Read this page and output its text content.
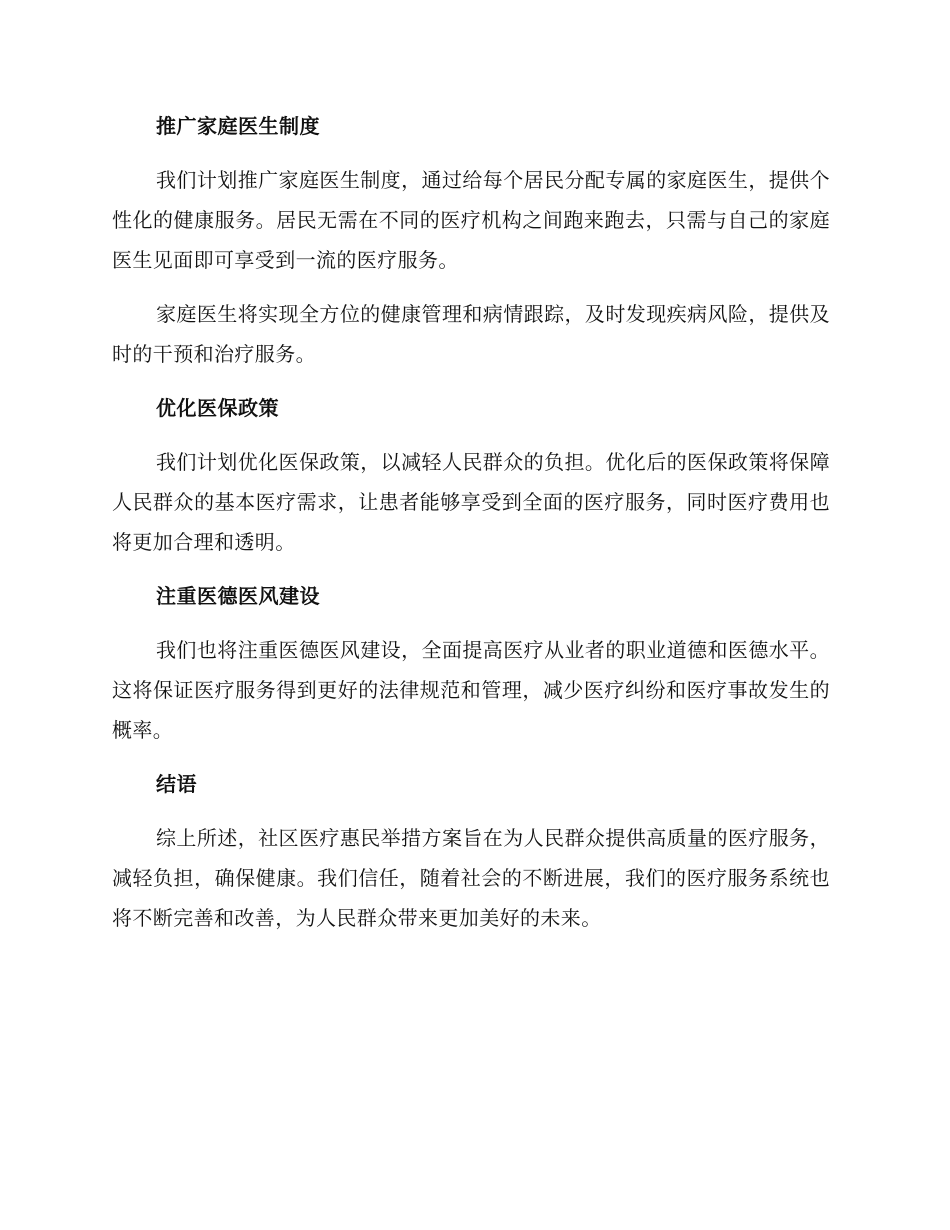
推广家庭医生制度

我们计划推广家庭医生制度，通过给每个居民分配专属的家庭医生，提供个性化的健康服务。居民无需在不同的医疗机构之间跑来跑去，只需与自己的家庭医生见面即可享受到一流的医疗服务。

家庭医生将实现全方位的健康管理和病情跟踪，及时发现疾病风险，提供及时的干预和治疗服务。

优化医保政策

我们计划优化医保政策，以减轻人民群众的负担。优化后的医保政策将保障人民群众的基本医疗需求，让患者能够享受到全面的医疗服务，同时医疗费用也将更加合理和透明。

注重医德医风建设

我们也将注重医德医风建设，全面提高医疗从业者的职业道德和医德水平。这将保证医疗服务得到更好的法律规范和管理，减少医疗纠纷和医疗事故发生的概率。

结语

综上所述，社区医疗惠民举措方案旨在为人民群众提供高质量的医疗服务，减轻负担，确保健康。我们信任，随着社会的不断进展，我们的医疗服务系统也将不断完善和改善，为人民群众带来更加美好的未来。
